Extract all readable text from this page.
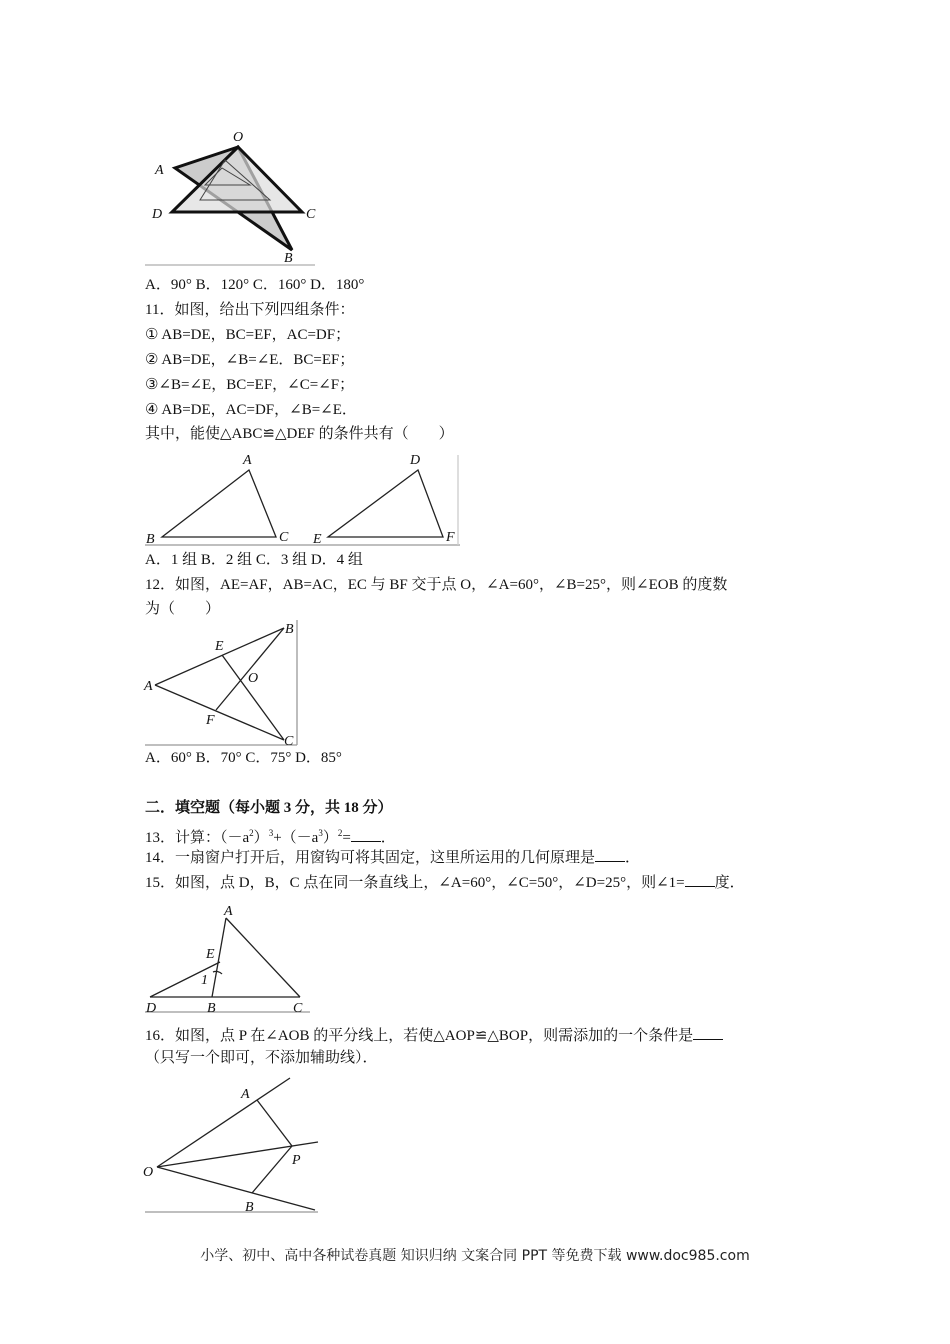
O
A
D	C
B
A
B	C
D
E	F
A
B
C
E
F
O
A
E
1
D	B	C
A
P
O
B
A．90° B．120° C．160° D．180°
11．如图，给出下列四组条件：
① AB=DE，BC=EF，AC=DF；
② AB=DE，∠B=∠E．BC=EF；
③∠B=∠E，BC=EF，∠C=∠F；
④ AB=DE，AC=DF，∠B=∠E．
其中，能使△ABC≌△DEF 的条件共有（　　）
A．1 组 B．2 组 C．3 组 D．4 组
12．如图，AE=AF，AB=AC，EC 与 BF 交于点 O，∠A=60°，∠B=25°，则∠EOB 的度数
为（　　）
A．60° B．70° C．75° D．85°
二．填空题（每小题 3 分，共 18 分）
13．计算：$(-a^2)^3+(-a^3)^2=$ ．
14．一扇窗户打开后，用窗钩可将其固定，这里所运用的几何原理是 ．
15．如图，点 D，B，C 点在同一条直线上，∠A=60°，∠C=50°，∠D=25°，则∠1= 度．
16．如图，点 P 在∠AOB 的平分线上，若使△AOP≌△BOP，则需添加的一个条件是
（只写一个即可，不添加辅助线）．
小学、初中、高中各种试卷真题 知识归纳 文案合同 PPT 等免费下载 www.doc985.com
